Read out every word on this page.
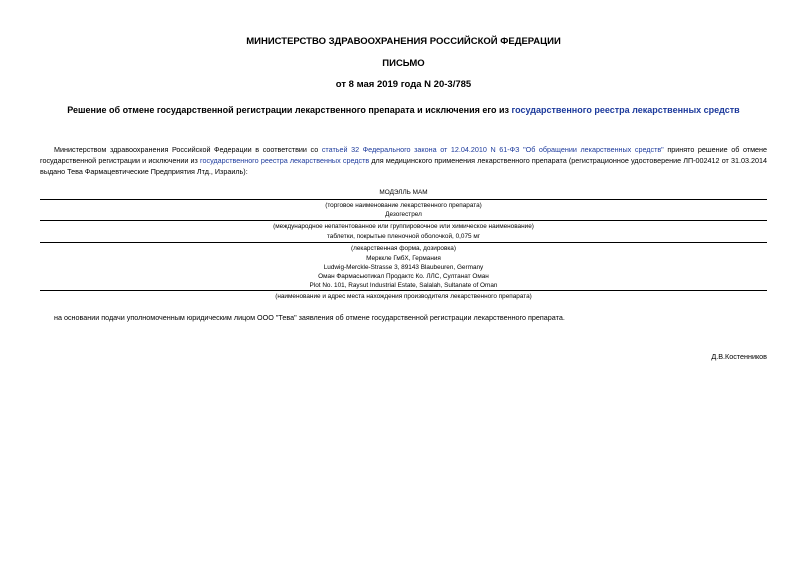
МИНИСТЕРСТВО ЗДРАВООХРАНЕНИЯ РОССИЙСКОЙ ФЕДЕРАЦИИ
ПИСЬМО
от 8 мая 2019 года N 20-3/785
Решение об отмене государственной регистрации лекарственного препарата и исключения его из государственного реестра лекарственных средств
Министерством здравоохранения Российской Федерации в соответствии со статьей 32 Федерального закона от 12.04.2010 N 61-ФЗ "Об обращении лекарственных средств" принято решение об отмене государственной регистрации и исключении из государственного реестра лекарственных средств для медицинского применения лекарственного препарата (регистрационное удостоверение ЛП-002412 от 31.03.2014 выдано Тева Фармацевтические Предприятия Лтд., Израиль):
МОДЭЛЛЬ МАМ
(торговое наименование лекарственного препарата)
Дезогестрел
(международное непатентованное или группировочное или химическое наименование)
таблетки, покрытые пленочной оболочкой, 0,075 мг
(лекарственная форма, дозировка)
Мерккле ГмбХ, Германия
Ludwig-Merckle-Strasse 3, 89143 Blaubeuren, Germany
Оман Фармасьютикал Продактс Ко. ЛЛС, Султанат Оман
Plot No. 101, Raysut Industrial Estate, Salalah, Sultanate of Oman
(наименование и адрес места нахождения производителя лекарственного препарата)
на основании подачи уполномоченным юридическим лицом ООО "Тева" заявления об отмене государственной регистрации лекарственного препарата.
Д.В.Костенников
